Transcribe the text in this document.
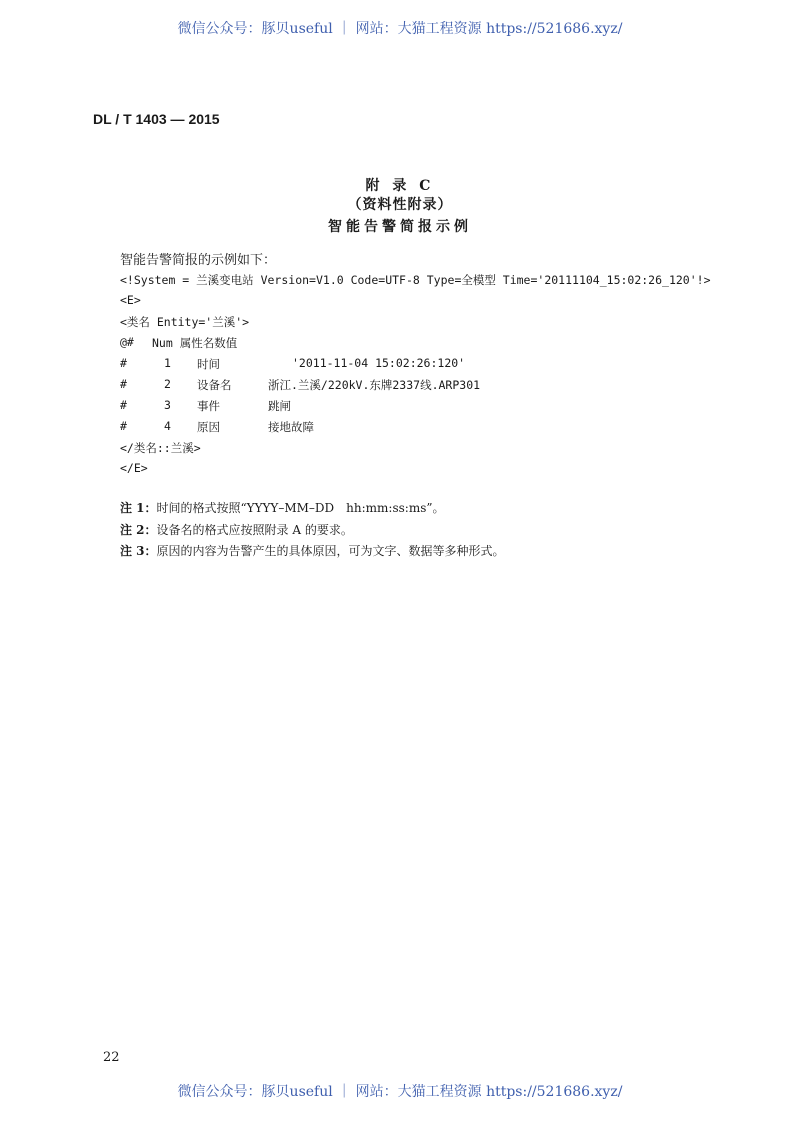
微信公众号：豚贝useful ｜ 网站：大猫工程资源 https://521686.xyz/
DL / T 1403 — 2015
附 录 C
（资料性附录）
智能告警简报示例
智能告警简报的示例如下：
<!System = 兰溪变电站 Version=V1.0 Code=UTF-8 Type=全模型 Time='20111104_15:02:26_120'!>
<E>
<类名 Entity='兰溪'>
@# Num 属性名数值
#	1 时间	'2011-11-04 15:02:26:120'
#	2 设备名	浙江.兰溪/220kV.东牌2337线.ARP301
#	3 事件	跳闸
#	4 原因	接地故障
</类名::兰溪>
</E>
注 1：时间的格式按照“YYYY–MM–DD　hh:mm:ss:ms”。
注 2：设备名的格式应按照附录 A 的要求。
注 3：原因的内容为告警产生的具体原因，可为文字、数据等多种形式。
22
微信公众号：豚贝useful ｜ 网站：大猫工程资源 https://521686.xyz/
